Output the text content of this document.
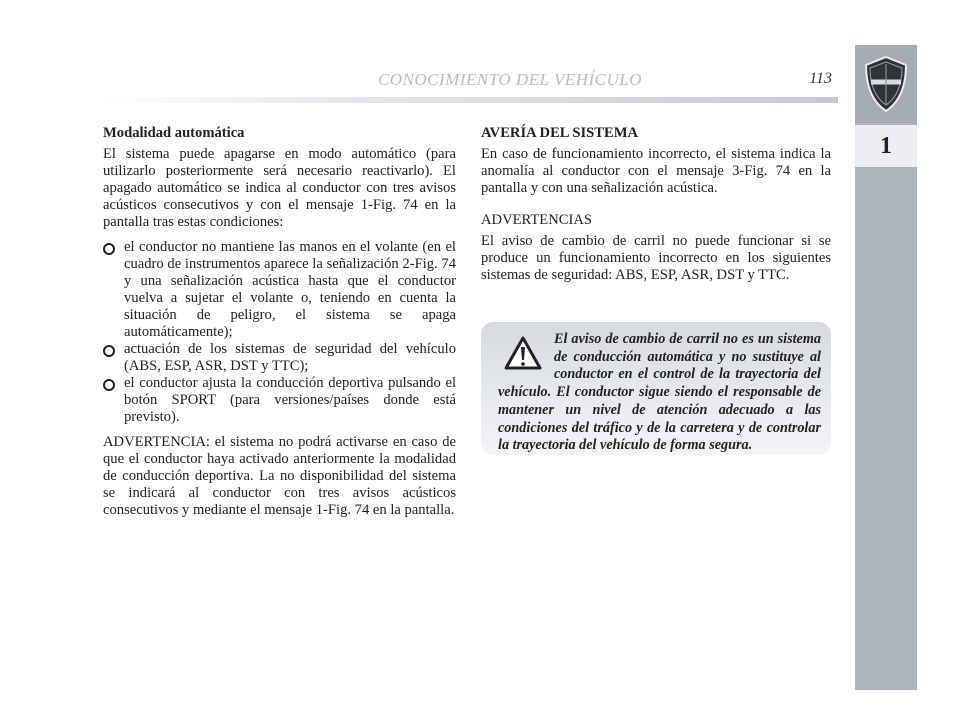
CONOCIMIENTO DEL VEHÍCULO	113
1
Modalidad automática

El sistema puede apagarse en modo automático (para utilizarlo posteriormente será necesario reactivarlo). El apagado automático se indica al conductor con tres avisos acústicos consecutivos y con el mensaje 1-Fig. 74 en la pantalla tras estas condiciones:

el conductor no mantiene las manos en el volante (en el cuadro de instrumentos aparece la señalización 2-Fig. 74 y una señalización acústica hasta que el conductor vuelva a sujetar el volante o, teniendo en cuenta la situación de peligro, el sistema se apaga automáticamente);
actuación de los sistemas de seguridad del vehículo (ABS, ESP, ASR, DST y TTC);
el conductor ajusta la conducción deportiva pulsando el botón SPORT (para versiones/países donde está previsto).

ADVERTENCIA: el sistema no podrá activarse en caso de que el conductor haya activado anteriormente la modalidad de conducción deportiva. La no disponibilidad del sistema se indicará al conductor con tres avisos acústicos consecutivos y mediante el mensaje 1-Fig. 74 en la pantalla.

AVERÍA DEL SISTEMA

En caso de funcionamiento incorrecto, el sistema indica la anomalía al conductor con el mensaje 3-Fig. 74 en la pantalla y con una señalización acústica.

ADVERTENCIAS

El aviso de cambio de carril no puede funcionar si se produce un funcionamiento incorrecto en los siguientes sistemas de seguridad: ABS, ESP, ASR, DST y TTC.

El aviso de cambio de carril no es un sistema de conducción automática y no sustituye al conductor en el control de la trayectoria del vehículo. El conductor sigue siendo el responsable de mantener un nivel de atención adecuado a las condiciones del tráfico y de la carretera y de controlar la trayectoria del vehículo de forma segura.
